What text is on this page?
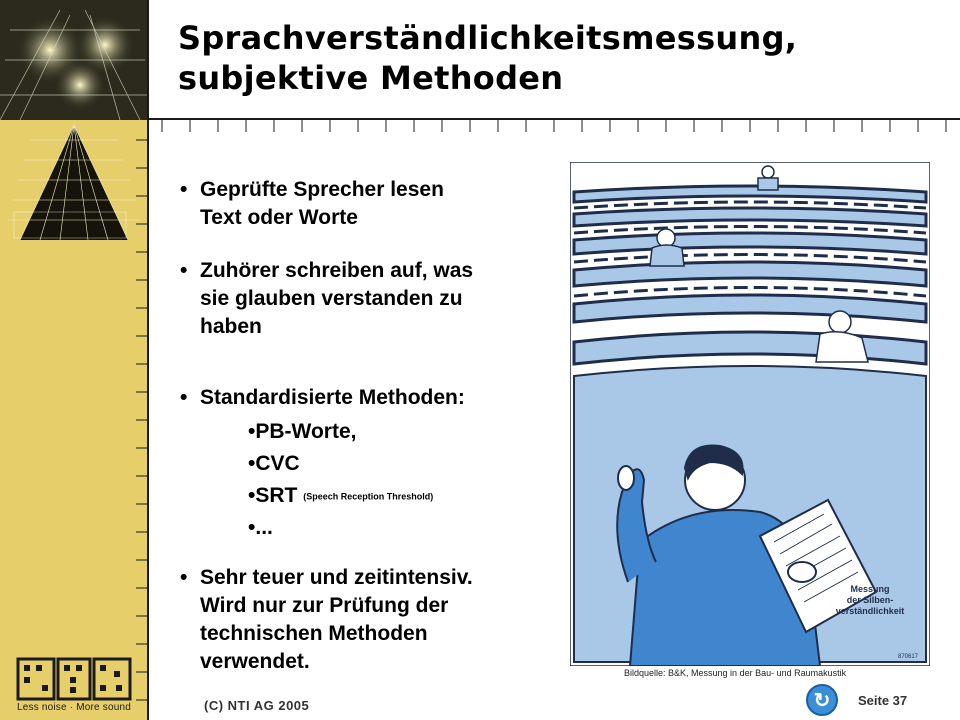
Less noise · More sound
Sprachverständlichkeitsmessung,
subjektive Methoden
• Geprüfte Sprecher lesen
Text oder Worte
• Zuhörer schreiben auf, was
sie glauben verstanden zu
haben
• Standardisierte Methoden:
•PB-Worte,
•CVC
•SRT (Speech Reception Threshold)
•...
• Sehr teuer und zeitintensiv.
Wird nur zur Prüfung der
technischen Methoden
verwendet.
Messung
der Silben-
verständlichkeit
870617
Bildquelle: B&K, Messung in der Bau- und Raumakustik
(C) NTI AG 2005	↻	Seite 37
